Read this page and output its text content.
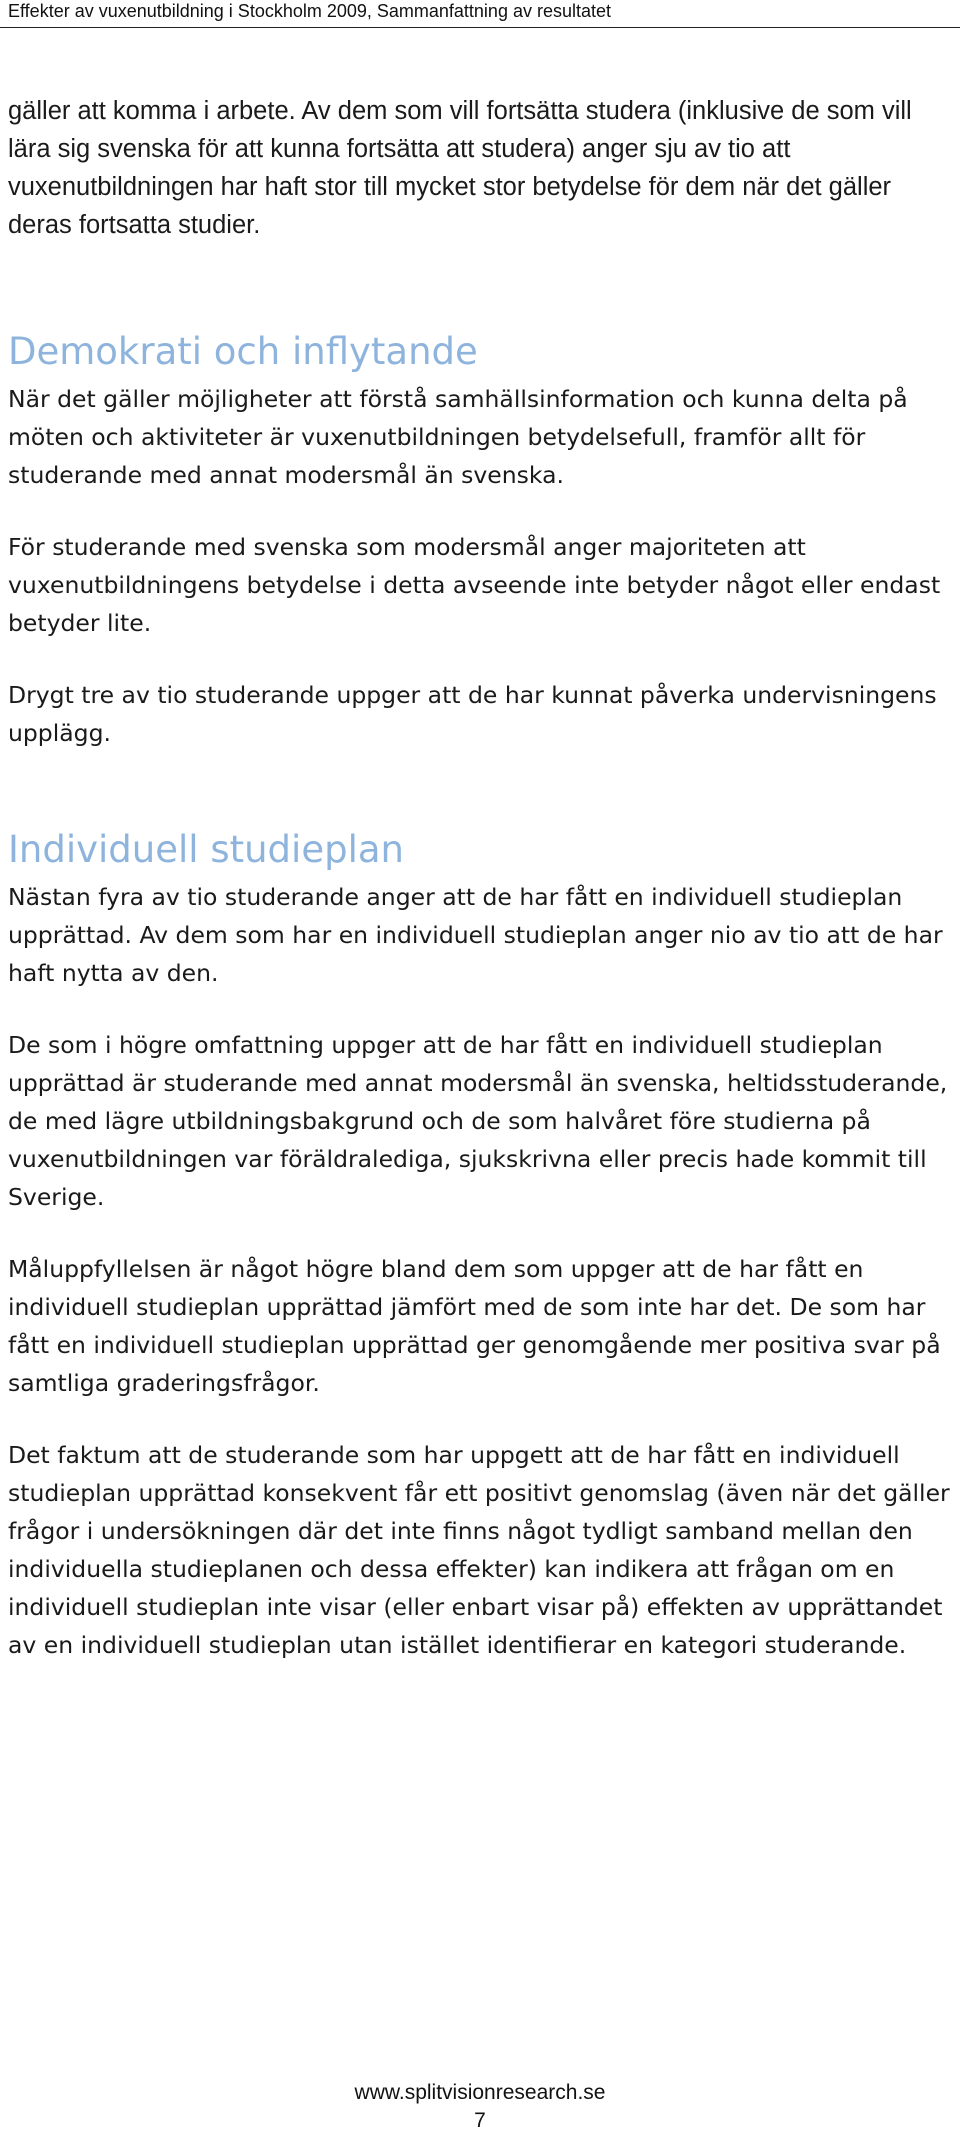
Effekter av vuxenutbildning i Stockholm 2009, Sammanfattning av resultatet

gäller att komma i arbete. Av dem som vill fortsätta studera (inklusive de som vill lära sig svenska för att kunna fortsätta att studera) anger sju av tio att vuxenutbildningen har haft stor till mycket stor betydelse för dem när det gäller deras fortsatta studier.

Demokrati och inflytande

När det gäller möjligheter att förstå samhällsinformation och kunna delta på möten och aktiviteter är vuxenutbildningen betydelsefull, framför allt för studerande med annat modersmål än svenska.

För studerande med svenska som modersmål anger majoriteten att vuxenutbildningens betydelse i detta avseende inte betyder något eller endast betyder lite.

Drygt tre av tio studerande uppger att de har kunnat påverka undervisningens upplägg.

Individuell studieplan

Nästan fyra av tio studerande anger att de har fått en individuell studieplan upprättad. Av dem som har en individuell studieplan anger nio av tio att de har haft nytta av den.

De som i högre omfattning uppger att de har fått en individuell studieplan upprättad är studerande med annat modersmål än svenska, heltidsstuderande, de med lägre utbildningsbakgrund och de som halvåret före studierna på vuxenutbildningen var föräldralediga, sjukskrivna eller precis hade kommit till Sverige.

Måluppfyllelsen är något högre bland dem som uppger att de har fått en individuell studieplan upprättad jämfört med de som inte har det. De som har fått en individuell studieplan upprättad ger genomgående mer positiva svar på samtliga graderingsfrågor.

Det faktum att de studerande som har uppgett att de har fått en individuell studieplan upprättad konsekvent får ett positivt genomslag (även när det gäller frågor i undersökningen där det inte finns något tydligt samband mellan den individuella studieplanen och dessa effekter) kan indikera att frågan om en individuell studieplan inte visar (eller enbart visar på) effekten av upprättandet av en individuell studieplan utan istället identifierar en kategori studerande.

www.splitvisionresearch.se
7
